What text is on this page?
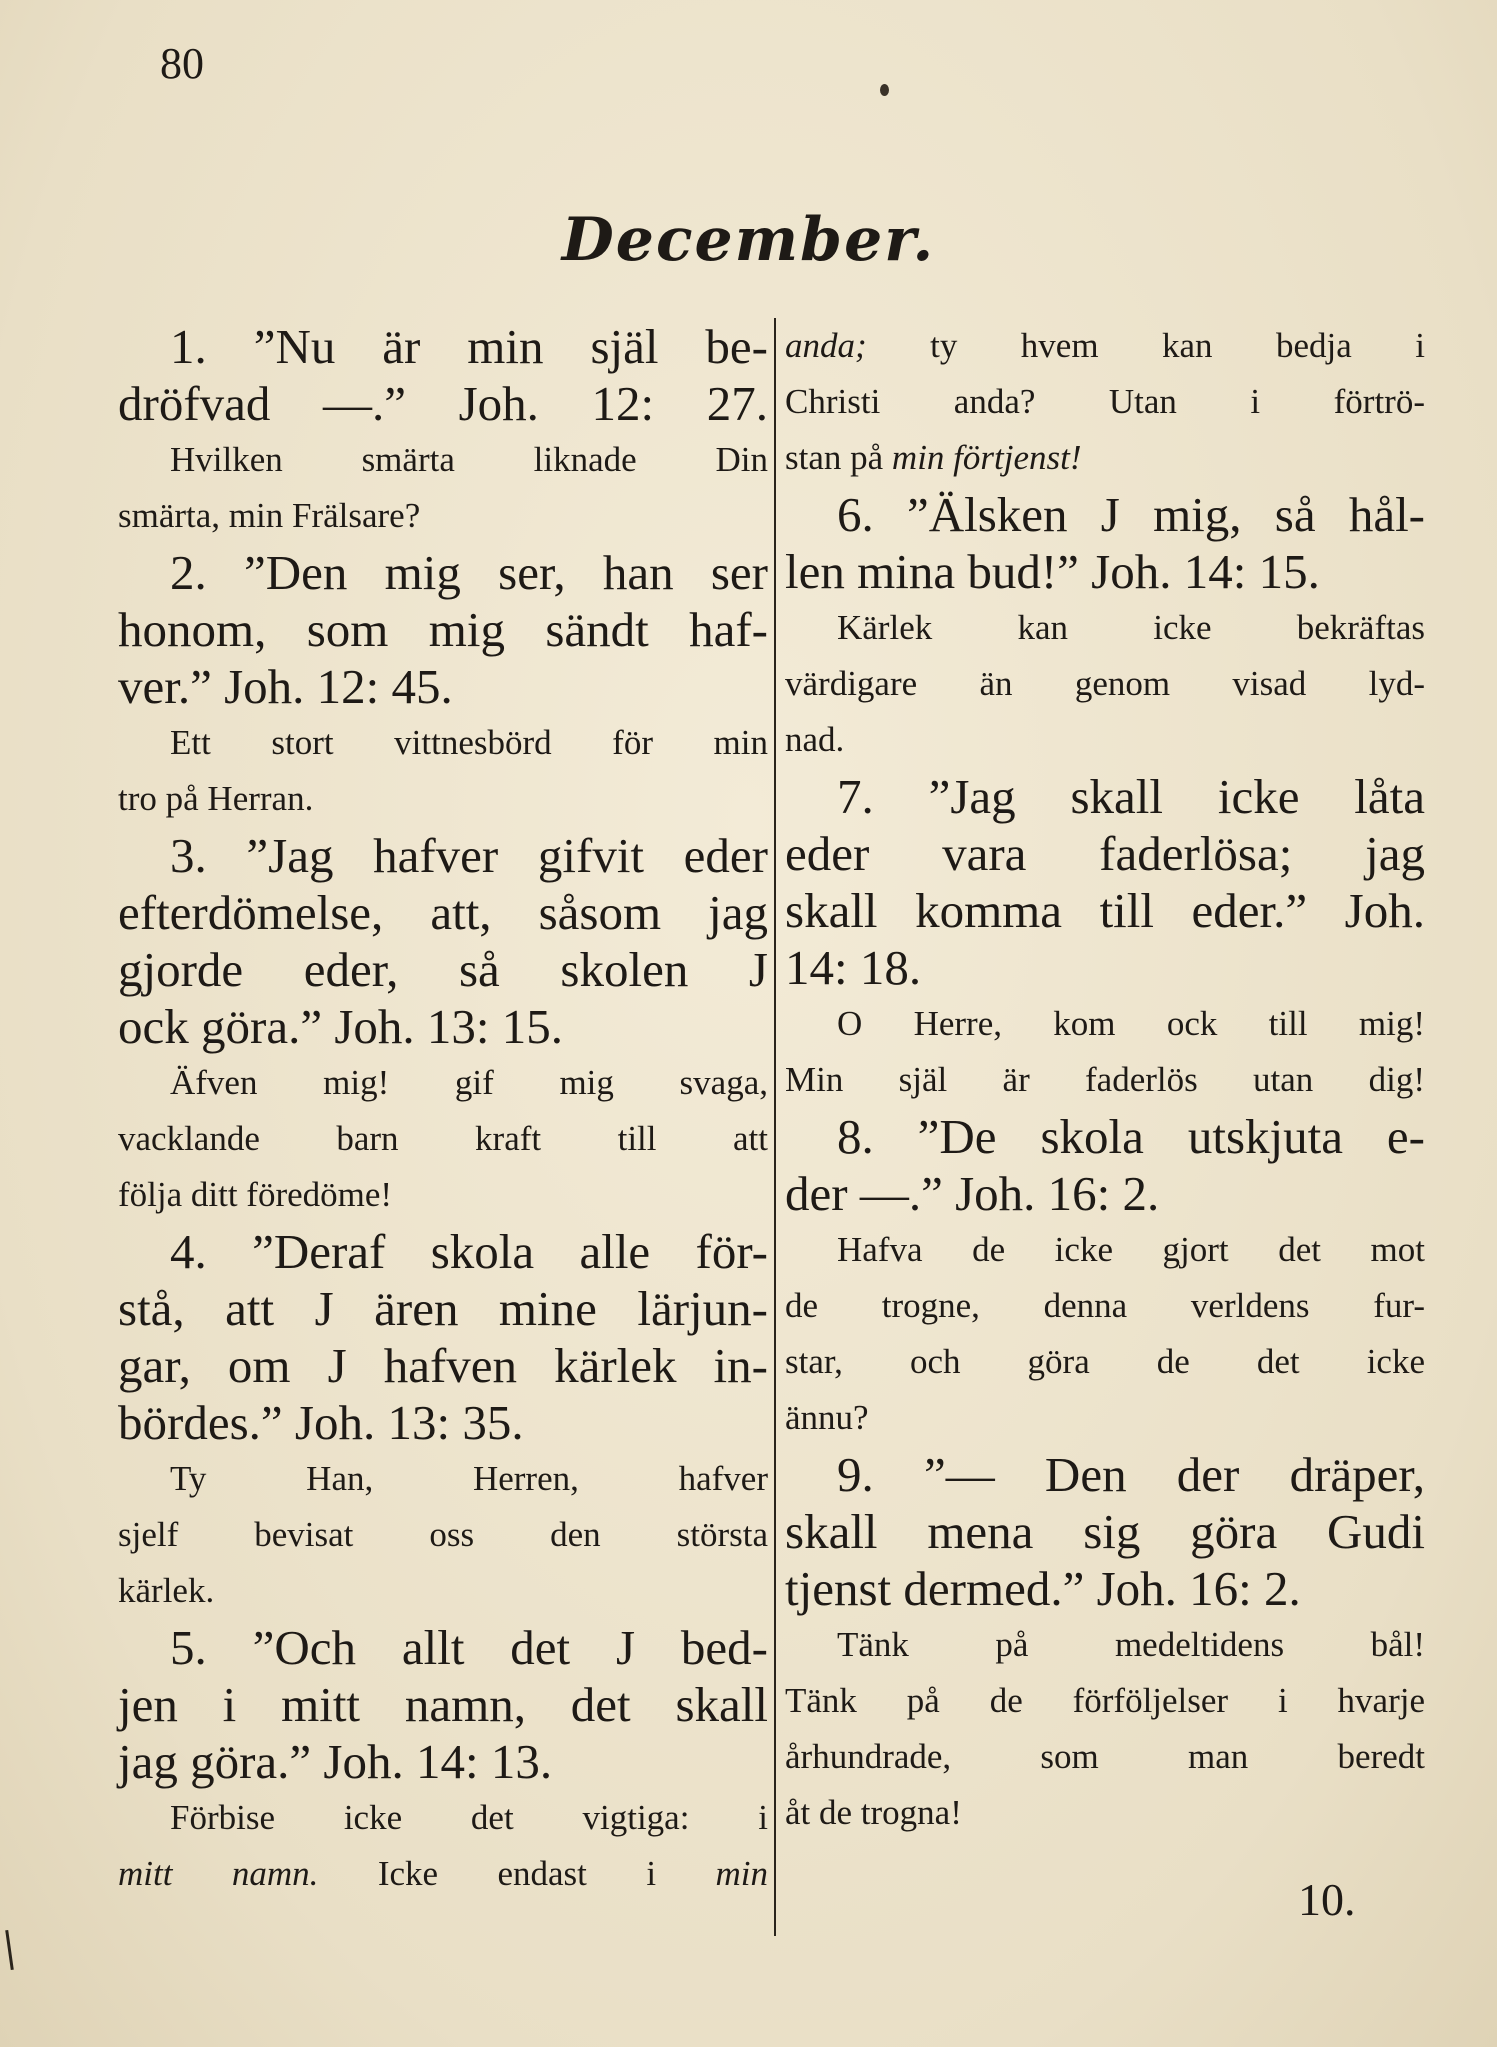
80
December.
1. ”Nu är min själ be-
dröfvad —.” Joh. 12: 27.
Hvilken smärta liknade Din
smärta, min Frälsare?
2. ”Den mig ser, han ser
honom, som mig sändt haf-
ver.” Joh. 12: 45.
Ett stort vittnesbörd för min
tro på Herran.
3. ”Jag hafver gifvit eder
efterdömelse, att, såsom jag
gjorde eder, så skolen J
ock göra.” Joh. 13: 15.
Äfven mig! gif mig svaga,
vacklande barn kraft till att
följa ditt föredöme!
4. ”Deraf skola alle för-
stå, att J ären mine lärjun-
gar, om J hafven kärlek in-
bördes.” Joh. 13: 35.
Ty Han, Herren, hafver
sjelf bevisat oss den största
kärlek.
5. ”Och allt det J bed-
jen i mitt namn, det skall
jag göra.” Joh. 14: 13.
Förbise icke det vigtiga: i
mitt namn. Icke endast i min
anda; ty hvem kan bedja i
Christi anda? Utan i förtrö-
stan på min förtjenst!
6. ”Älsken J mig, så hål-
len mina bud!” Joh. 14: 15.
Kärlek kan icke bekräftas
värdigare än genom visad lyd-
nad.
7. ”Jag skall icke låta
eder vara faderlösa; jag
skall komma till eder.” Joh.
14: 18.
O Herre, kom ock till mig!
Min själ är faderlös utan dig!
8. ”De skola utskjuta e-
der —.” Joh. 16: 2.
Hafva de icke gjort det mot
de trogne, denna verldens fur-
star, och göra de det icke
ännu?
9. ”— Den der dräper,
skall mena sig göra Gudi
tjenst dermed.” Joh. 16: 2.
Tänk på medeltidens bål!
Tänk på de förföljelser i hvarje
århundrade, som man beredt
åt de trogna!
10.
